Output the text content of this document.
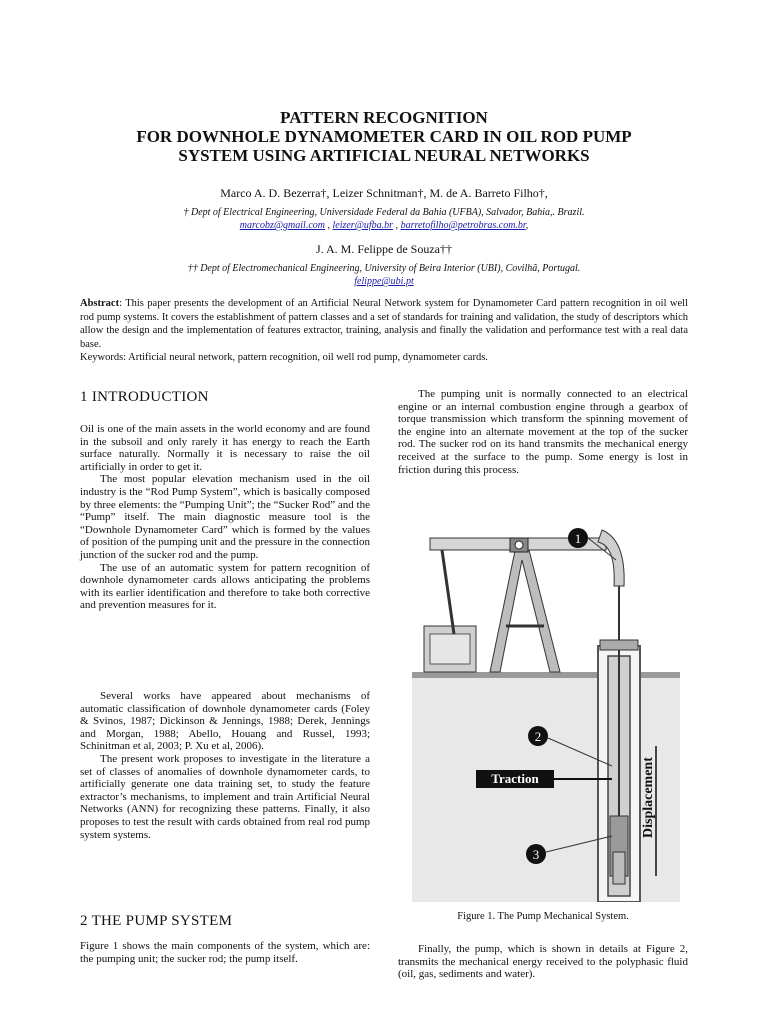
PATTERN RECOGNITION
FOR DOWNHOLE DYNAMOMETER CARD IN OIL ROD PUMP
SYSTEM USING ARTIFICIAL NEURAL NETWORKS
Marco A. D. Bezerra†, Leizer Schnitman†, M. de A. Barreto Filho†,
† Dept of Electrical Engineering, Universidade Federal da Bahia (UFBA), Salvador, Bahia,. Brazil.
marcobz@gmail.com , leizer@ufba.br , barretofilho@petrobras.com.br,
J. A. M. Felippe de Souza††
†† Dept of Electromechanical Engineering, University of Beira Interior (UBI), Covilhã, Portugal.
felippe@ubi.pt
Abstract: This paper presents the development of an Artificial Neural Network system for Dynamometer Card pattern recognition in oil well rod pump systems. It covers the establishment of pattern classes and a set of standards for training and validation, the study of descriptors which allow the design and the implementation of features extractor, training, analysis and finally the validation and performance test with a real data base.
Keywords: Artificial neural network, pattern recognition, oil well rod pump, dynamometer cards.
1 INTRODUCTION

Oil is one of the main assets in the world economy and are found in the subsoil and only rarely it has energy to reach the Earth surface naturally. Normally it is necessary to raise the oil artificially in order to get it.

The most popular elevation mechanism used in the oil industry is the “Rod Pump System”, which is basically composed by three elements: the “Pumping Unit”; the “Sucker Rod” and the “Pump” itself. The main diagnostic measure tool is the “Downhole Dynamometer Card” which is formed by the values of position of the pumping unit and the pressure in the connection junction of the sucker rod and the pump.

The use of an automatic system for pattern recognition of downhole dynamometer cards allows anticipating the problems with its earlier identification and therefore to take both corrective and prevention measures for it.

Several works have appeared about mechanisms of automatic classification of downhole dynamometer cards (Foley & Svinos, 1987; Dickinson & Jennings, 1988; Derek, Jennings and Morgan, 1988; Abello, Houang and Russel, 1993; Schinitman et al, 2003; P. Xu et al, 2006).

The present work proposes to investigate in the literature a set of classes of anomalies of downhole dynamometer cards, to artificially generate one data training set, to study the feature extractor’s mechanisms, to implement and train Artificial Neural Networks (ANN) for recognizing these patterns. Finally, it also proposes to test the result with cards obtained from real rod pump system systems.

2 THE PUMP SYSTEM

Figure 1 shows the main components of the system, which are: the pumping unit; the sucker rod; the pump itself.

The pumping unit is normally connected to an electrical engine or an internal combustion engine through a gearbox of torque transmission which transform the spinning movement of the engine into an alternate movement at the top of the sucker rod. The sucker rod on its hand transmits the mechanical energy received at the surface to the pump. Some energy is lost in friction during this process.

1
2
3
Traction	Displacement
Figure 1. The Pump Mechanical System.

Finally, the pump, which is shown in details at Figure 2, transmits the mechanical energy received to the polyphasic fluid (oil, gas, sediments and water).
